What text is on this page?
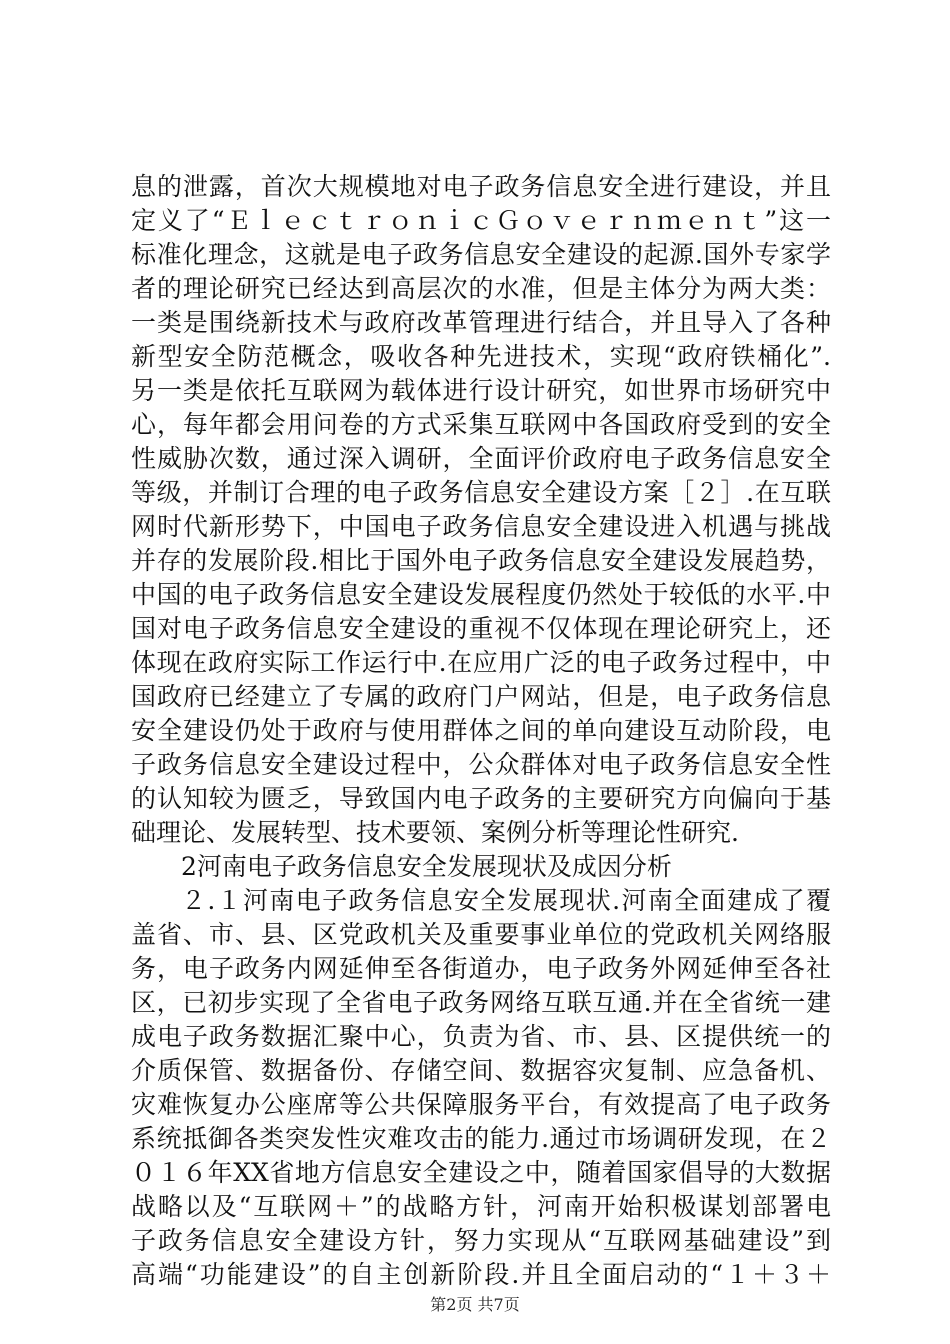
息的泄露，首次大规模地对电子政务信息安全进行建设，并且
定义了“ＥｌｅｃｔｒｏｎｉｃＧｏｖｅｒｎｍｅｎｔ”这一
标准化理念，这就是电子政务信息安全建设的起源.国外专家学
者的理论研究已经达到高层次的水准，但是主体分为两大类：
一类是围绕新技术与政府改革管理进行结合，并且导入了各种
新型安全防范概念，吸收各种先进技术，实现“政府铁桶化”.
另一类是依托互联网为载体进行设计研究，如世界市场研究中
心，每年都会用问卷的方式采集互联网中各国政府受到的安全
性威胁次数，通过深入调研，全面评价政府电子政务信息安全
等级，并制订合理的电子政务信息安全建设方案［２］.在互联
网时代新形势下，中国电子政务信息安全建设进入机遇与挑战
并存的发展阶段.相比于国外电子政务信息安全建设发展趋势，
中国的电子政务信息安全建设发展程度仍然处于较低的水平.中
国对电子政务信息安全建设的重视不仅体现在理论研究上，还
体现在政府实际工作运行中.在应用广泛的电子政务过程中，中
国政府已经建立了专属的政府门户网站，但是，电子政务信息
安全建设仍处于政府与使用群体之间的单向建设互动阶段，电
子政务信息安全建设过程中，公众群体对电子政务信息安全性
的认知较为匮乏，导致国内电子政务的主要研究方向偏向于基
础理论、发展转型、技术要领、案例分析等理论性研究.
2河南电子政务信息安全发展现状及成因分析
２.１河南电子政务信息安全发展现状.河南全面建成了覆
盖省、市、县、区党政机关及重要事业单位的党政机关网络服
务，电子政务内网延伸至各街道办，电子政务外网延伸至各社
区，已初步实现了全省电子政务网络互联互通.并在全省统一建
成电子政务数据汇聚中心，负责为省、市、县、区提供统一的
介质保管、数据备份、存储空间、数据容灾复制、应急备机、
灾难恢复办公座席等公共保障服务平台，有效提高了电子政务
系统抵御各类突发性灾难攻击的能力.通过市场调研发现，在２
０１６年XX省地方信息安全建设之中，随着国家倡导的大数据
战略以及“互联网＋”的战略方针，河南开始积极谋划部署电
子政务信息安全建设方针，努力实现从“互联网基础建设”到
高端“功能建设”的自主创新阶段.并且全面启动的“１＋３＋
第2页 共7页
